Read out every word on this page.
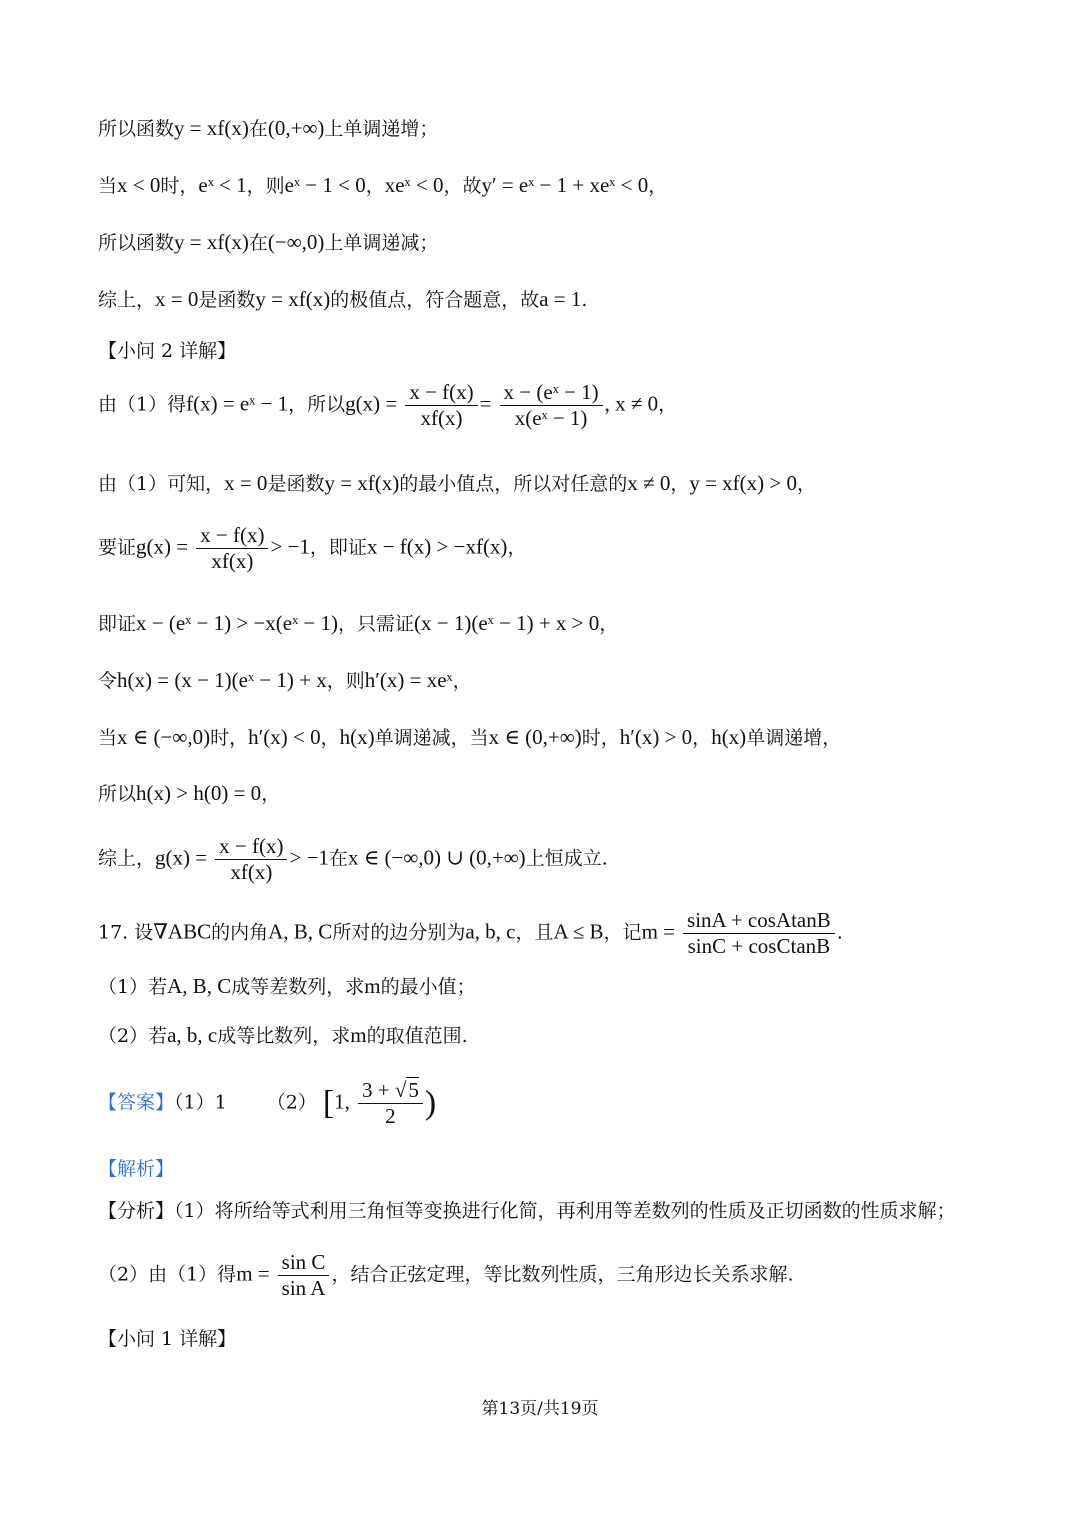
所以函数y = xf(x)在(0,+∞)上单调递增；
当x < 0时，eˣ < 1，则eˣ − 1 < 0，xeˣ < 0，故y′ = eˣ − 1 + xeˣ < 0，
所以函数y = xf(x)在(−∞,0)上单调递减；
综上，x = 0是函数y = xf(x)的极值点，符合题意，故a = 1.
【小问 2 详解】
由（1）得f(x) = eˣ − 1，所以$g(x) = \frac{x - f(x)}{xf(x)} = \frac{\text{x − (eˣ − 1)}}{\text{x(eˣ − 1)}}$ , x ≠ 0，
由（1）可知，x = 0是函数y = xf(x)的最小值点，所以对任意的x ≠ 0，y = xf(x) > 0，
要证$g(x) = \frac{x - f(x)}{xf(x)} > -1$，即证x − f(x) > −xf(x)，
即证x − (eˣ − 1) > −x(eˣ − 1)，只需证(x − 1)(eˣ − 1) + x > 0，
令h(x) = (x − 1)(eˣ − 1) + x，则h′(x) = xeˣ，
当x ∈ (−∞,0)时，h′(x) < 0，h(x)单调递减，当x ∈ (0,+∞)时，h′(x) > 0，h(x)单调递增，
所以h(x) > h(0) = 0，
综上，$g(x) = \frac{x - f(x)}{xf(x)} > -1$在x ∈ (−∞,0) ∪ (0,+∞)上恒成立.
17. 设∇ABC的内角A, B, C所对的边分别为a, b, c，且A ≤ B，记$m = \frac{\text{sinA + cosAtanB}}{\text{sinC + cosCtanB}}$ .
（1）若A, B, C成等差数列，求m的最小值；
（2）若a, b, c成等比数列，求m的取值范围.
【答案】（1）1 （2） [1, $\frac{3 + √5}{2}$ )
【解析】
【分析】（1）将所给等式利用三角恒等变换进行化简，再利用等差数列的性质及正切函数的性质求解；
（2）由（1）得$m = \frac{\text{sin C}}{\text{sin A}}$ ，结合正弦定理，等比数列性质，三角形边长关系求解.
【小问 1 详解】
第13页/共19页
